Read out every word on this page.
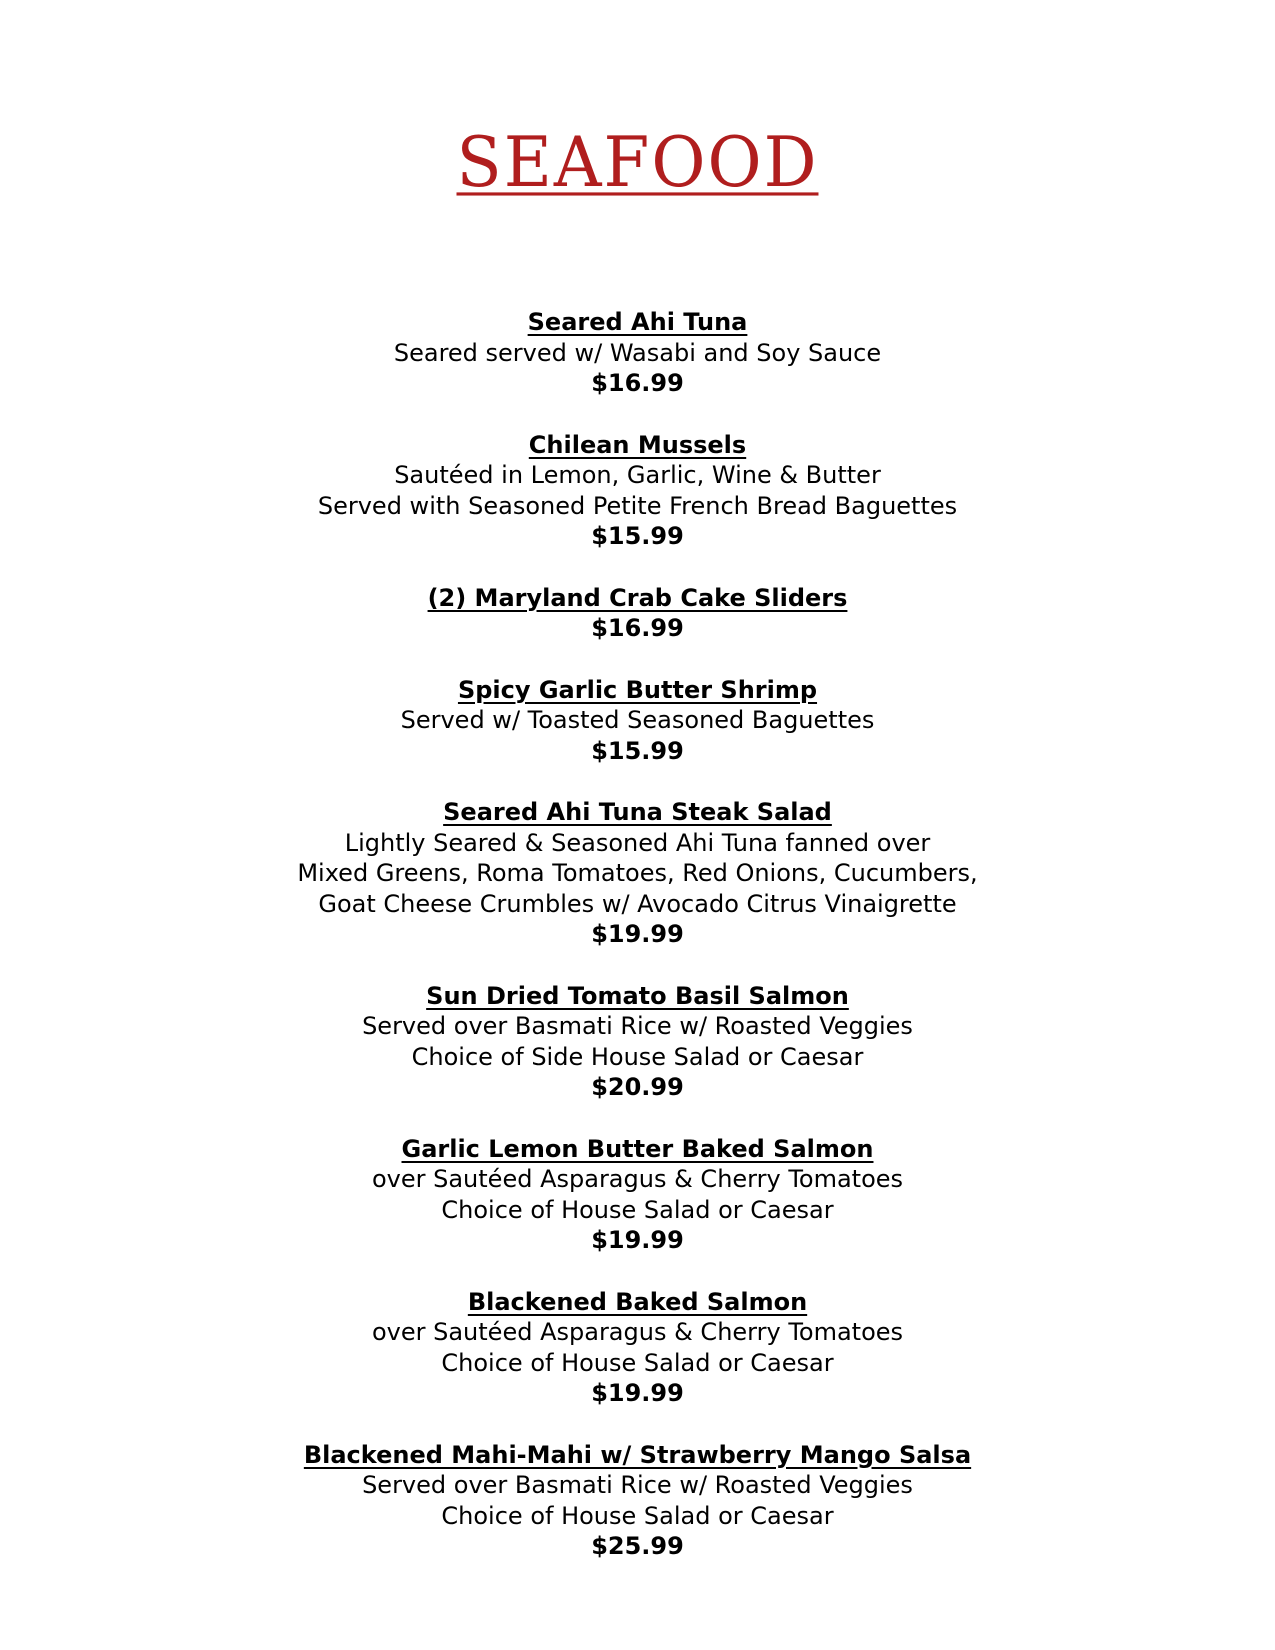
SEAFOOD
Seared Ahi Tuna
Seared served w/ Wasabi and Soy Sauce
$16.99
Chilean Mussels
Sautéed in Lemon, Garlic, Wine & Butter
Served with Seasoned Petite French Bread Baguettes
$15.99
(2) Maryland Crab Cake Sliders
$16.99
Spicy Garlic Butter Shrimp
Served w/ Toasted Seasoned Baguettes
$15.99
Seared Ahi Tuna Steak Salad
Lightly Seared & Seasoned Ahi Tuna fanned over
Mixed Greens, Roma Tomatoes, Red Onions, Cucumbers,
Goat Cheese Crumbles w/ Avocado Citrus Vinaigrette
$19.99
Sun Dried Tomato Basil Salmon
Served over Basmati Rice w/ Roasted Veggies
Choice of Side House Salad or Caesar
$20.99
Garlic Lemon Butter Baked Salmon
over Sautéed Asparagus & Cherry Tomatoes
Choice of House Salad or Caesar
$19.99
Blackened Baked Salmon
over Sautéed Asparagus & Cherry Tomatoes
Choice of House Salad or Caesar
$19.99
Blackened Mahi-Mahi w/ Strawberry Mango Salsa
Served over Basmati Rice w/ Roasted Veggies
Choice of House Salad or Caesar
$25.99
